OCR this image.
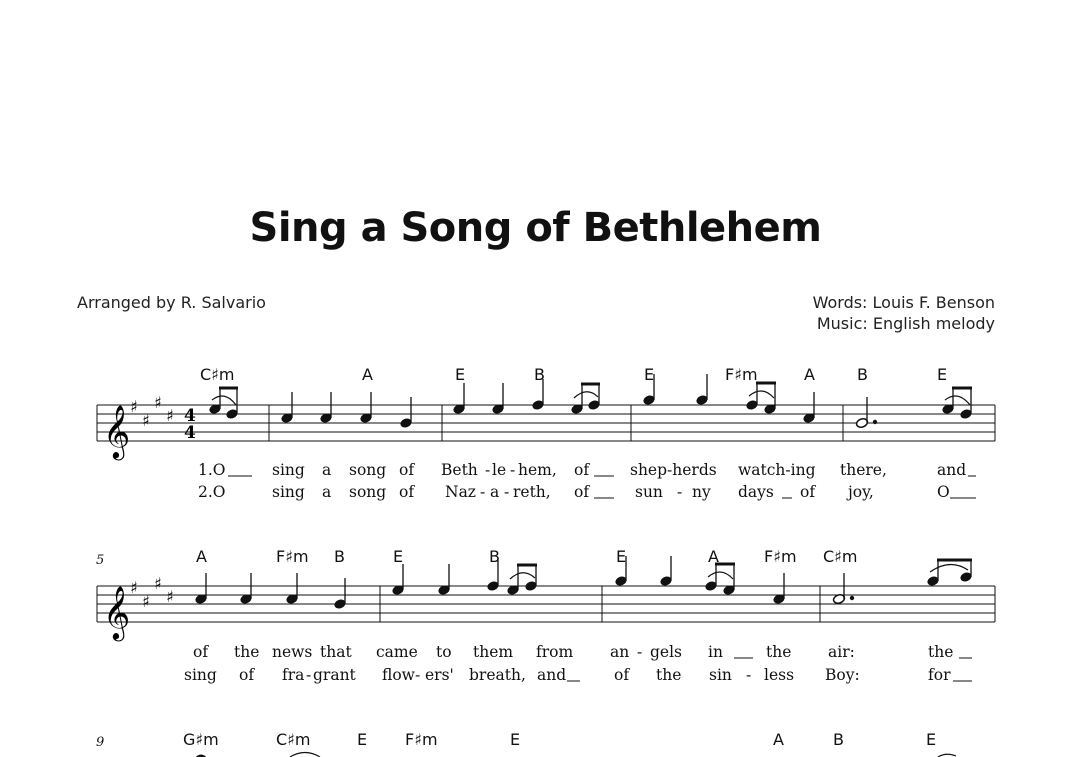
Sing a Song of Bethlehem
Arranged by R. Salvario	Words: Louis F. Benson
Music: English melody
𝄞 ♯
♯
♯
♯ 4
4
C♯m	A	E	B	E	F♯m	A	B	E
1.O	sing a song of Beth - le - hem, of	shep-herds watch-ing there,	and
2.O	sing a song of Naz - a - reth, of	sun - ny days of joy,	O
5
𝄞 ♯
♯
♯
♯
A	F♯m B	E	B	E	A	F♯m C♯m
of the news that came to them from an - gels in	the air:	the
sing of fra - grant flow - ers' breath, and	of the sin - less Boy:	for
9	G♯m	C♯m	E F♯m	E	A	B	E
